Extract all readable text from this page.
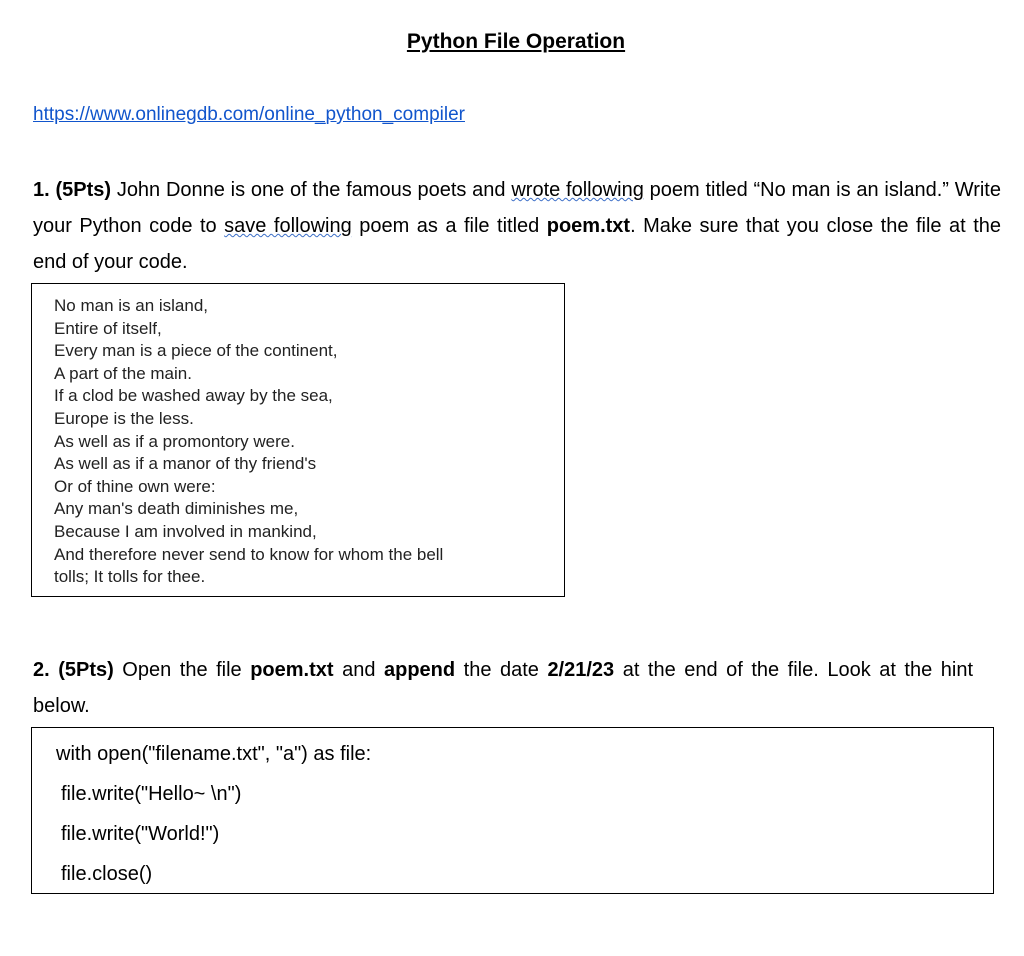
Python File Operation
https://www.onlinegdb.com/online_python_compiler
1. (5Pts) John Donne is one of the famous poets and wrote following poem titled “No man is an island.” Write your Python code to save following poem as a file titled poem.txt. Make sure that you close the file at the end of your code.
No man is an island,
Entire of itself,
Every man is a piece of the continent,
A part of the main.
If a clod be washed away by the sea,
Europe is the less.
As well as if a promontory were.
As well as if a manor of thy friend's
Or of thine own were:
Any man's death diminishes me,
Because I am involved in mankind,
And therefore never send to know for whom the bell
tolls; It tolls for thee.
2. (5Pts) Open the file poem.txt and append the date 2/21/23 at the end of the file. Look at the hint below.
with open("filename.txt", "a") as file:
file.write("Hello~ \n")
file.write("World!")
file.close()
